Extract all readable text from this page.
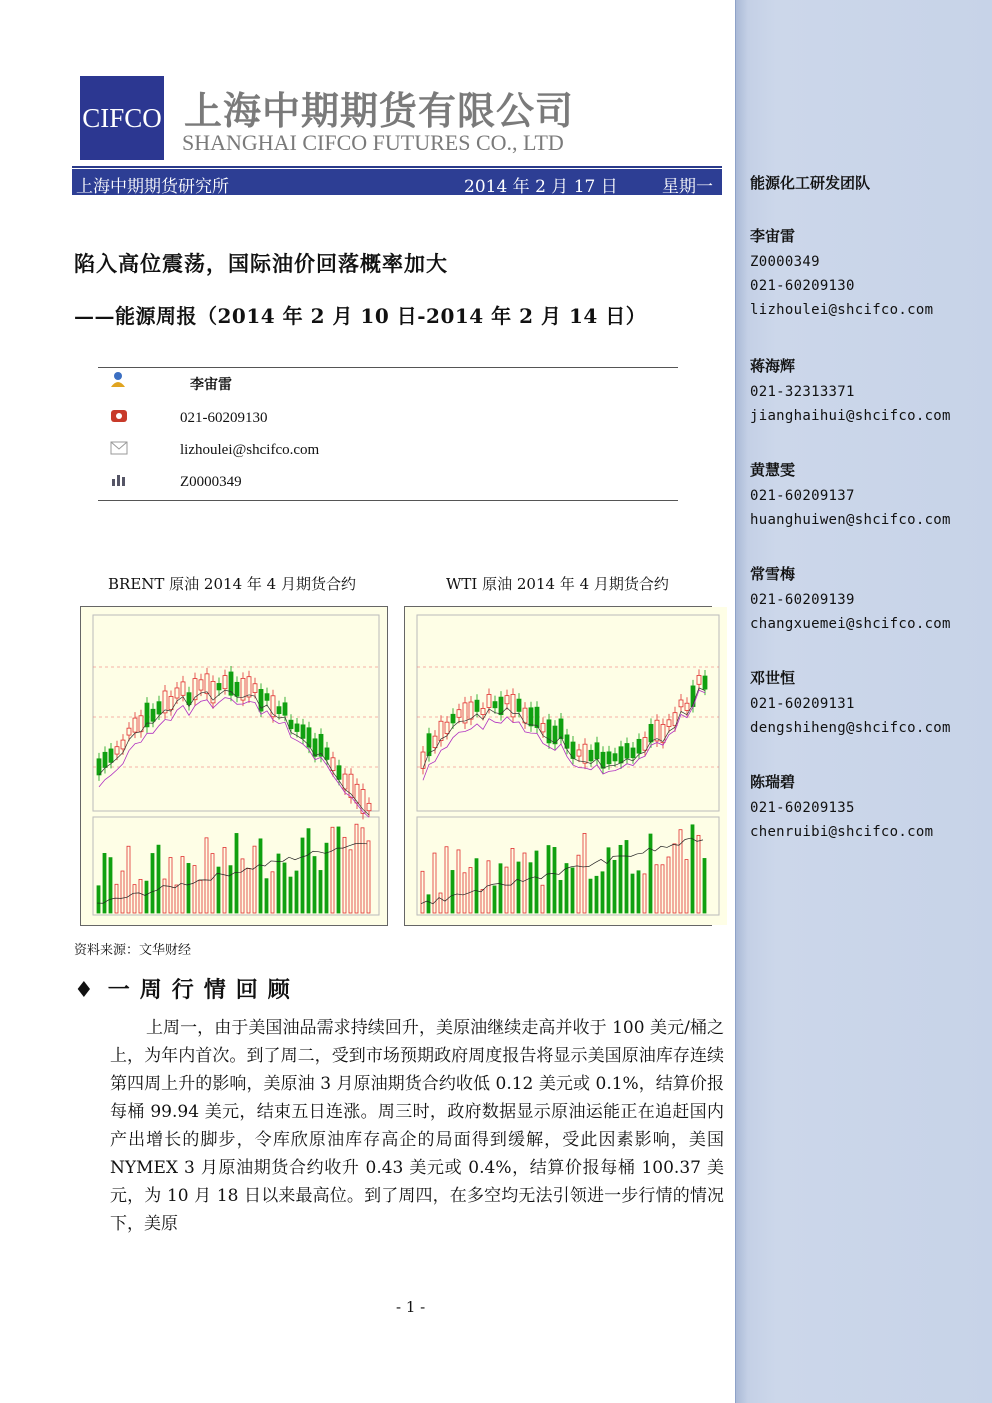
CIFCO 上海中期期货有限公司
SHANGHAI CIFCO FUTURES CO., LTD
上海中期期货研究所	2014 年 2 月 17 日	星期一
陷入高位震荡，国际油价回落概率加大
——能源周报（2014 年 2 月 10 日-2014 年 2 月 14 日）
李宙雷
021-60209130
lizhoulei@shcifco.com
Z0000349
BRENT 原油 2014 年 4 月期货合约	WTI 原油 2014 年 4 月期货合约
资料来源：文华财经
♦ 一周行情回顾
上周一，由于美国油品需求持续回升，美原油继续走高并收于 100 美元/桶之上，为年内首次。到了周二，受到市场预期政府周度报告将显示美国原油库存连续第四周上升的影响，美原油 3 月原油期货合约收低 0.12 美元或 0.1%，结算价报每桶 99.94 美元，结束五日连涨。周三时，政府数据显示原油运能正在追赶国内产出增长的脚步，令库欣原油库存高企的局面得到缓解，受此因素影响，美国 NYMEX 3 月原油期货合约收升 0.43 美元或 0.4%，结算价报每桶 100.37 美元，为 10 月 18 日以来最高位。到了周四，在多空均无法引领进一步行情的情况下，美原
- 1 -
能源化工研发团队
李宙雷
Z0000349
021-60209130
lizhoulei@shcifco.com
蒋海辉
021-32313371
jianghaihui@shcifco.com
黄慧雯
021-60209137
huanghuiwen@shcifco.com
常雪梅
021-60209139
changxuemei@shcifco.com
邓世恒
021-60209131
dengshiheng@shcifco.com
陈瑞碧
021-60209135
chenruibi@shcifco.com
